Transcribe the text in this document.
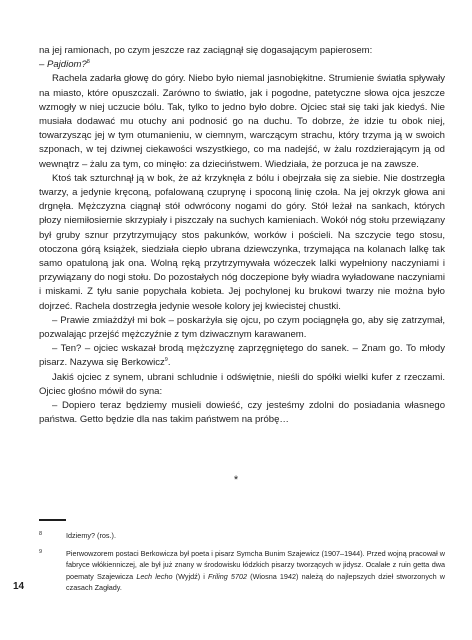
na jej ramionach, po czym jeszcze raz zaciągnął się dogasającym papierosem:

– Pajdiom?$^8$

Rachela zadarła głowę do góry. Niebo było niemal jasnobiękitne. Strumienie światła spływały na miasto, które opuszczali. Zarówno to światło, jak i pogodne, patetyczne słowa ojca jeszcze wzmogły w niej uczucie bólu. Tak, tylko to jedno było dobre. Ojciec stał się taki jak kiedyś. Nie musiała dodawać mu otuchy ani podnosić go na duchu. To dobrze, że idzie tu obok niej, towarzysząc jej w tym otumanieniu, w ciemnym, warczącym strachu, który trzyma ją w swoich szponach, w tej dziwnej ciekawości wszystkiego, co ma nadejść, w żalu rozdzierającym ją od wewnątrz – żalu za tym, co minęło: za dzieciństwem. Wiedziała, że porzuca je na zawsze.

Ktoś tak szturchnął ją w bok, że aż krzyknęła z bólu i obejrzała się za siebie. Nie dostrzegła twarzy, a jedynie kręconą, pofalowaną czuprynę i spoconą linię czoła. Na jej okrzyk głowa ani drgnęła. Mężczyzna ciągnął stół odwrócony nogami do góry. Stół leżał na sankach, których płozy niemiłosiernie skrzypiały i piszczały na suchych kamieniach. Wokół nóg stołu przewiązany był gruby sznur przytrzymujący stos pakunków, worków i pościeli. Na szczycie tego stosu, otoczona górą książek, siedziała ciepło ubrana dziewczynka, trzymająca na kolanach lalkę tak samo opatuloną jak ona. Wolną ręką przytrzymywała wózeczek lalki wypełniony naczyniami i przywiązany do nogi stołu. Do pozostałych nóg doczepione były wiadra wyładowane naczyniami i miskami. Z tyłu sanie popychała kobieta. Jej pochylonej ku brukowi twarzy nie można było dojrzeć. Rachela dostrzegła jedynie wesołe kolory jej kwiecistej chustki.

– Prawie zmiażdżył mi bok – poskarżyła się ojcu, po czym pociągnęła go, aby się zatrzymał, pozwalając przejść mężczyźnie z tym dziwacznym karawanem.

– Ten? – ojciec wskazał brodą mężczyznę zaprzęgniętego do sanek. – Znam go. To młody pisarz. Nazywa się Berkowicz$^9$.

Jakiś ojciec z synem, ubrani schludnie i odświętnie, nieśli do spółki wielki kufer z rzeczami. Ojciec głośno mówił do syna:

– Dopiero teraz będziemy musieli dowieść, czy jesteśmy zdolni do posiadania własnego państwa. Getto będzie dla nas takim państwem na próbę…

*
8	Idziemy? (ros.).
9	Pierwowzorem postaci Berkowicza był poeta i pisarz Symcha Bunim Szajewicz (1907–1944). Przed wojną pracował w fabryce włókienniczej, ale był już znany w środowisku łódzkich pisarzy tworzących w jidysz. Ocalałe z ruin getta dwa poematy Szajewicza Lech lecho (Wyjdź) i Friling 5702 (Wiosna 1942) należą do najlepszych dzieł stworzonych w czasach Zagłady.
14
